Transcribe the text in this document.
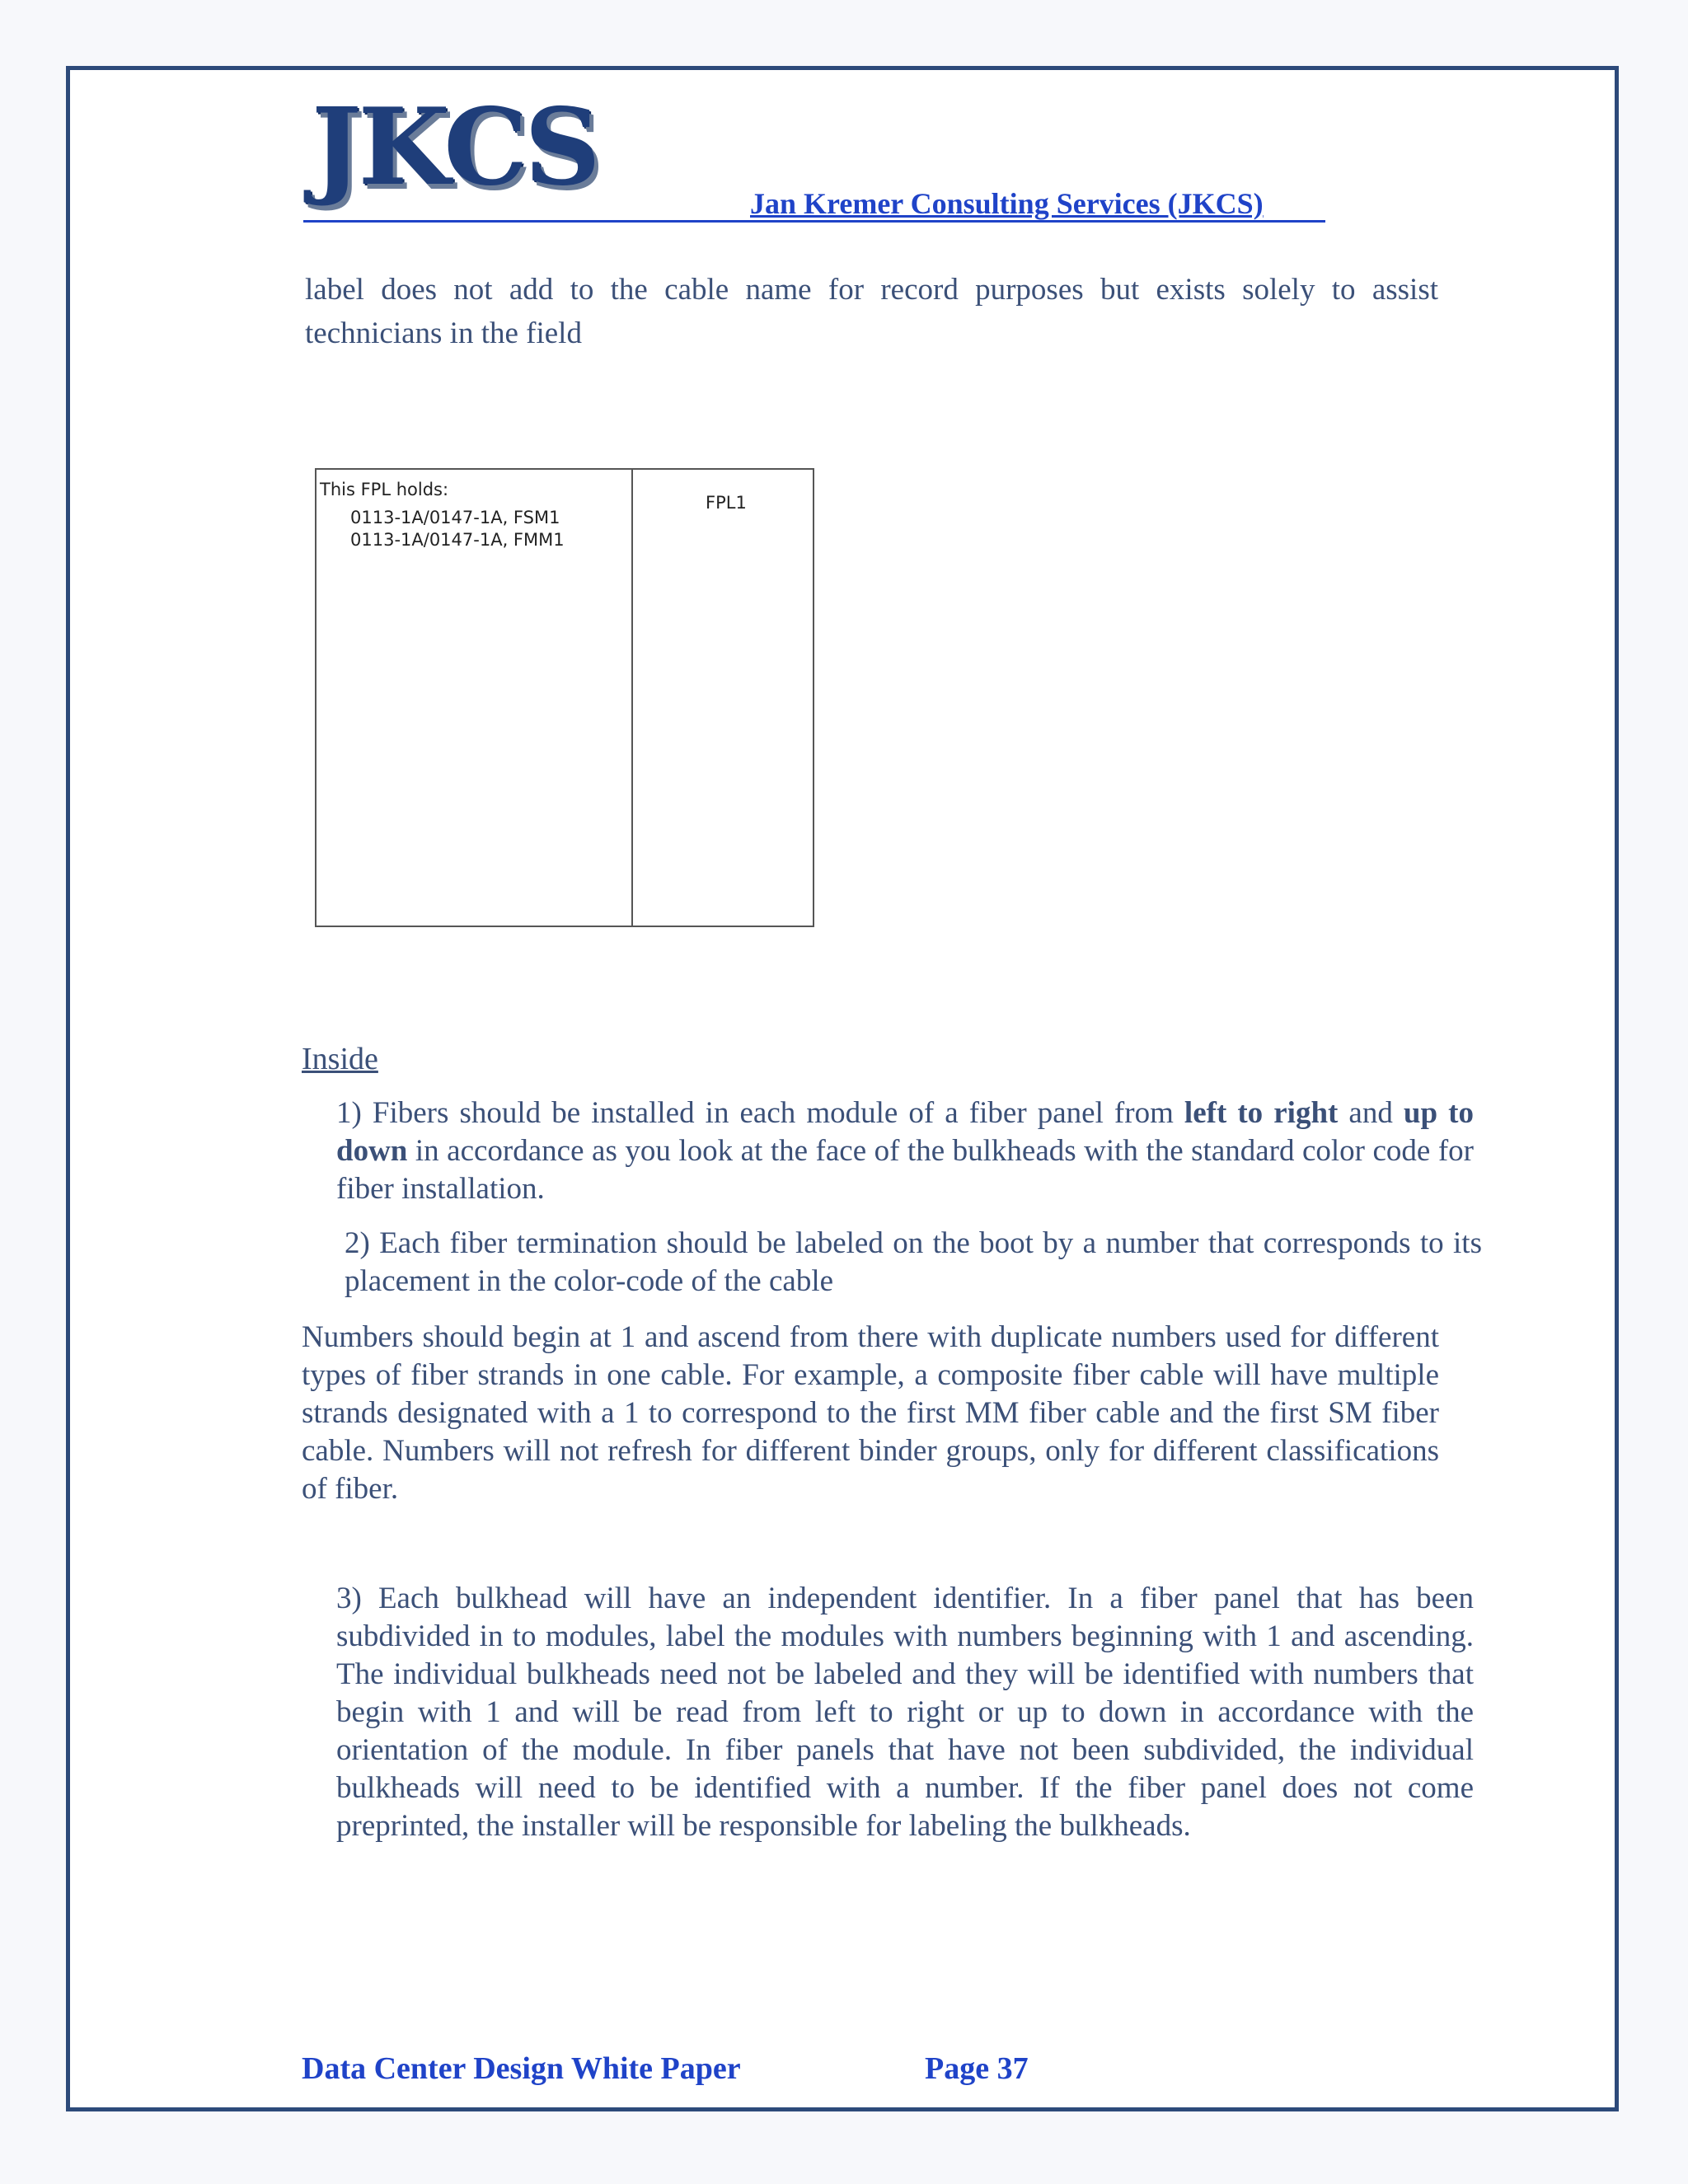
JKCS	Jan Kremer Consulting Services (JKCS)
label does not add to the cable name for record purposes but exists solely to assist technicians in the field
This FPL holds:
0113-1A/0147-1A, FSM1
0113-1A/0147-1A, FMM1
FPL1
Inside
1) Fibers should be installed in each module of a fiber panel from left to right and up to down in accordance as you look at the face of the bulkheads with the standard color code for fiber installation.
2) Each fiber termination should be labeled on the boot by a number that corresponds to its placement in the color-code of the cable
Numbers should begin at 1 and ascend from there with duplicate numbers used for different types of fiber strands in one cable. For example, a composite fiber cable will have multiple strands designated with a 1 to correspond to the first MM fiber cable and the first SM fiber cable. Numbers will not refresh for different binder groups, only for different classifications of fiber.
3) Each bulkhead will have an independent identifier. In a fiber panel that has been subdivided in to modules, label the modules with numbers beginning with 1 and ascending. The individual bulkheads need not be labeled and they will be identified with numbers that begin with 1 and will be read from left to right or up to down in accordance with the orientation of the module. In fiber panels that have not been subdivided, the individual bulkheads will need to be identified with a number. If the fiber panel does not come preprinted, the installer will be responsible for labeling the bulkheads.
Data Center Design White Paper	Page 37
